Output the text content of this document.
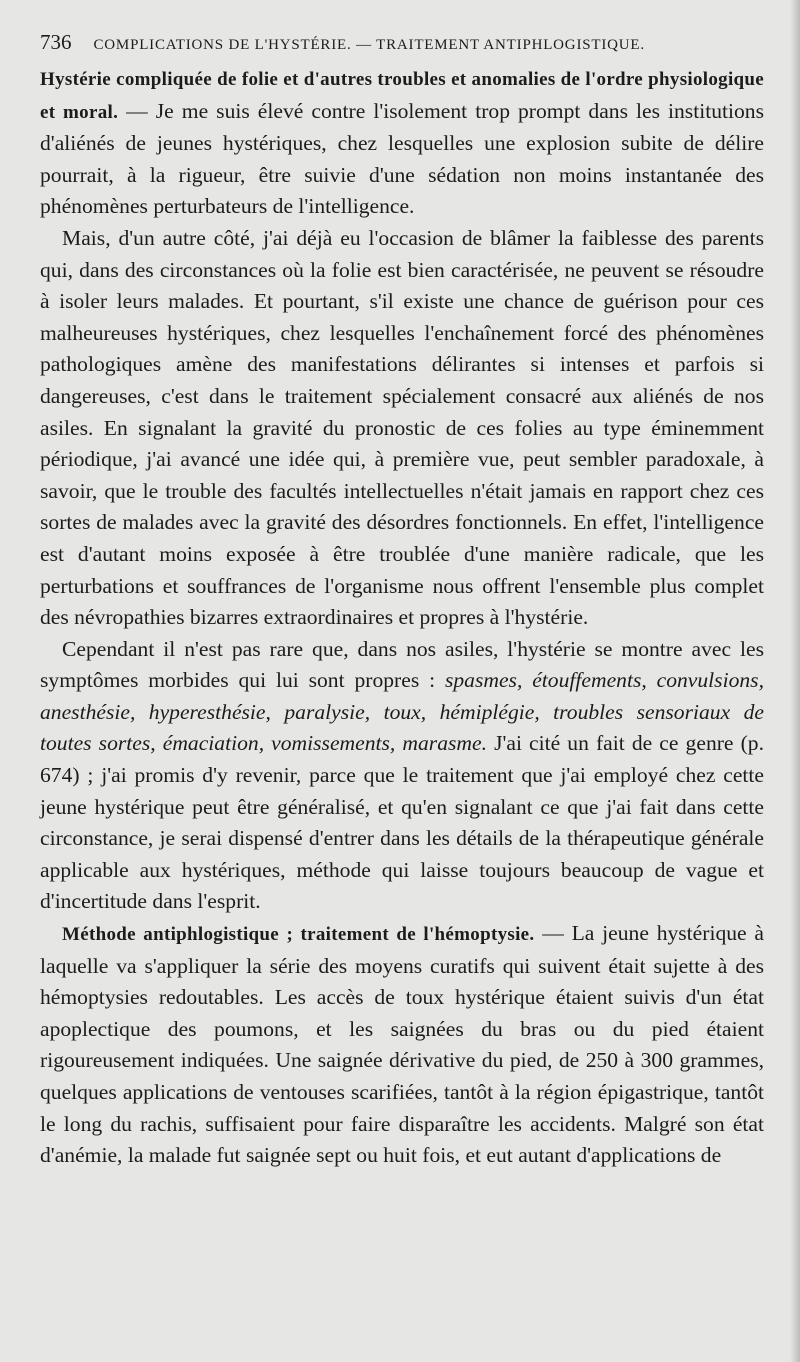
736 COMPLICATIONS DE L'HYSTÉRIE. — TRAITEMENT ANTIPHLOGISTIQUE.

Hystérie compliquée de folie et d'autres troubles et anomalies de l'ordre physiologique et moral. — Je me suis élevé contre l'isolement trop prompt dans les institutions d'aliénés de jeunes hystériques, chez lesquelles une explosion subite de délire pourrait, à la rigueur, être suivie d'une sédation non moins instantanée des phénomènes perturbateurs de l'intelligence.

Mais, d'un autre côté, j'ai déjà eu l'occasion de blâmer la faiblesse des parents qui, dans des circonstances où la folie est bien caractérisée, ne peuvent se résoudre à isoler leurs malades. Et pourtant, s'il existe une chance de guérison pour ces malheureuses hystériques, chez lesquelles l'enchaînement forcé des phénomènes pathologiques amène des manifestations délirantes si intenses et parfois si dangereuses, c'est dans le traitement spécialement consacré aux aliénés de nos asiles. En signalant la gravité du pronostic de ces folies au type éminemment périodique, j'ai avancé une idée qui, à première vue, peut sembler paradoxale, à savoir, que le trouble des facultés intellectuelles n'était jamais en rapport chez ces sortes de malades avec la gravité des désordres fonctionnels. En effet, l'intelligence est d'autant moins exposée à être troublée d'une manière radicale, que les perturbations et souffrances de l'organisme nous offrent l'ensemble plus complet des névropathies bizarres extraordinaires et propres à l'hystérie.

Cependant il n'est pas rare que, dans nos asiles, l'hystérie se montre avec les symptômes morbides qui lui sont propres : spasmes, étouffements, convulsions, anesthésie, hyperesthésie, paralysie, toux, hémiplégie, troubles sensoriaux de toutes sortes, émaciation, vomissements, marasme. J'ai cité un fait de ce genre (p. 674) ; j'ai promis d'y revenir, parce que le traitement que j'ai employé chez cette jeune hystérique peut être généralisé, et qu'en signalant ce que j'ai fait dans cette circonstance, je serai dispensé d'entrer dans les détails de la thérapeutique générale applicable aux hystériques, méthode qui laisse toujours beaucoup de vague et d'incertitude dans l'esprit.

Méthode antiphlogistique ; traitement de l'hémoptysie. — La jeune hystérique à laquelle va s'appliquer la série des moyens curatifs qui suivent était sujette à des hémoptysies redoutables. Les accès de toux hystérique étaient suivis d'un état apoplectique des poumons, et les saignées du bras ou du pied étaient rigoureusement indiquées. Une saignée dérivative du pied, de 250 à 300 grammes, quelques applications de ventouses scarifiées, tantôt à la région épigastrique, tantôt le long du rachis, suffisaient pour faire disparaître les accidents. Malgré son état d'anémie, la malade fut saignée sept ou huit fois, et eut autant d'applications de
